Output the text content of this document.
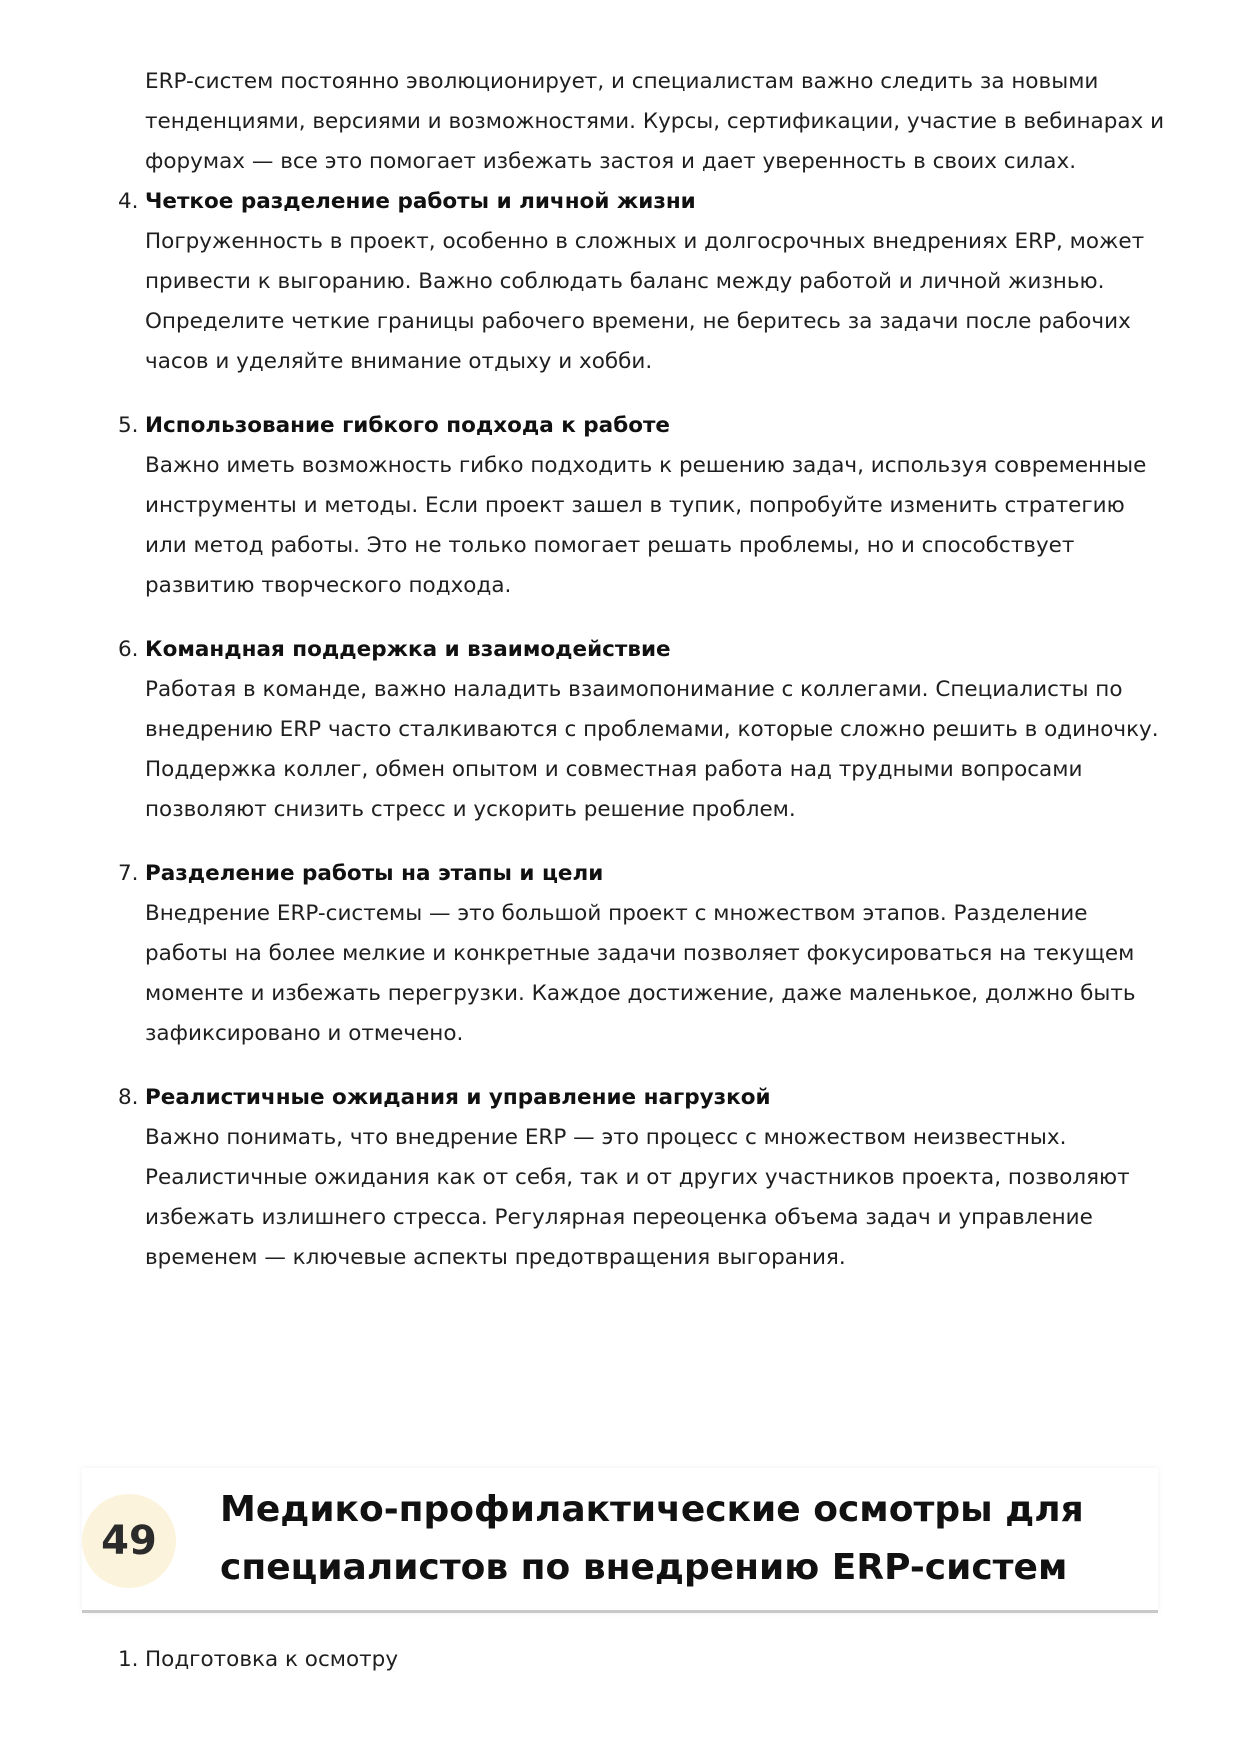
ERP-систем постоянно эволюционирует, и специалистам важно следить за новыми тенденциями, версиями и возможностями. Курсы, сертификации, участие в вебинарах и форумах — все это помогает избежать застоя и дает уверенность в своих силах.

4. Четкое разделение работы и личной жизни

Погруженность в проект, особенно в сложных и долгосрочных внедрениях ERP, может привести к выгоранию. Важно соблюдать баланс между работой и личной жизнью. Определите четкие границы рабочего времени, не беритесь за задачи после рабочих часов и уделяйте внимание отдыху и хобби.

5. Использование гибкого подхода к работе

Важно иметь возможность гибко подходить к решению задач, используя современные инструменты и методы. Если проект зашел в тупик, попробуйте изменить стратегию или метод работы. Это не только помогает решать проблемы, но и способствует развитию творческого подхода.

6. Командная поддержка и взаимодействие

Работая в команде, важно наладить взаимопонимание с коллегами. Специалисты по внедрению ERP часто сталкиваются с проблемами, которые сложно решить в одиночку. Поддержка коллег, обмен опытом и совместная работа над трудными вопросами позволяют снизить стресс и ускорить решение проблем.

7. Разделение работы на этапы и цели

Внедрение ERP-системы — это большой проект с множеством этапов. Разделение работы на более мелкие и конкретные задачи позволяет фокусироваться на текущем моменте и избежать перегрузки. Каждое достижение, даже маленькое, должно быть зафиксировано и отмечено.

8. Реалистичные ожидания и управление нагрузкой

Важно понимать, что внедрение ERP — это процесс с множеством неизвестных. Реалистичные ожидания как от себя, так и от других участников проекта, позволяют избежать излишнего стресса. Регулярная переоценка объема задач и управление временем — ключевые аспекты предотвращения выгорания.

49
Медико-профилактические осмотры для специалистов по внедрению ERP-систем
1. Подготовка к осмотру
